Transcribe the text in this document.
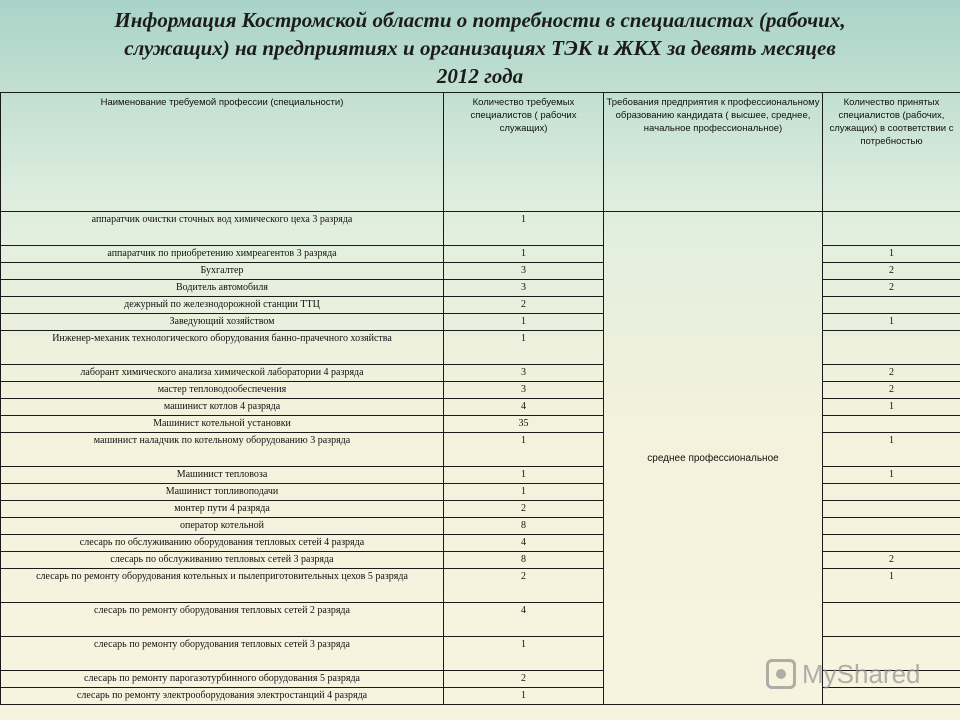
Информация Костромской области о потребности в специалистах (рабочих,
служащих) на предприятиях и организациях ТЭК и ЖКХ за девять месяцев
2012 года
Наименование требуемой профессии (специальности)	Количество требуемых специалистов ( рабочих служащих)	Требования предприятия к профессиональному образованию кандидата ( высшее, среднее, начальное профессиональное)	Количество принятых специалистов (рабочих, служащих) в соответствии с потребностью
аппаратчик очистки сточных вод химического цеха 3 разряда	1	среднее профессиональное	
аппаратчик по приобретению химреагентов 3 разряда	1		1
Бухгалтер	3		2
Водитель автомобиля	3		2
дежурный по железнодорожной станции ТТЦ	2		
Заведующий хозяйством	1		1
Инженер-механик технологического оборудования банно-прачечного хозяйства	1		
лаборант химического анализа химической лаборатории 4 разряда	3		2
мастер тепловодообеспечения	3		2
машинист котлов 4 разряда	4		1
Машинист котельной установки	35		
машинист наладчик по котельному оборудованию 3 разряда	1		1
Машинист тепловоза	1		1
Машинист топливоподачи	1		
монтер пути 4 разряда	2		
оператор котельной	8		
слесарь по обслуживанию оборудования тепловых сетей 4 разряда	4		
слесарь по обслуживанию тепловых сетей 3 разряда	8		2
слесарь по ремонту оборудования котельных и пылеприготовительных цехов 5 разряда	2		1
слесарь по ремонту оборудования тепловых сетей 2 разряда	4		
слесарь по ремонту оборудования тепловых сетей 3 разряда	1		
слесарь по ремонту парогазотурбинного оборудования 5 разряда	2		
слесарь по ремонту электрооборудования электростанций 4 разряда	1		
MyShared
